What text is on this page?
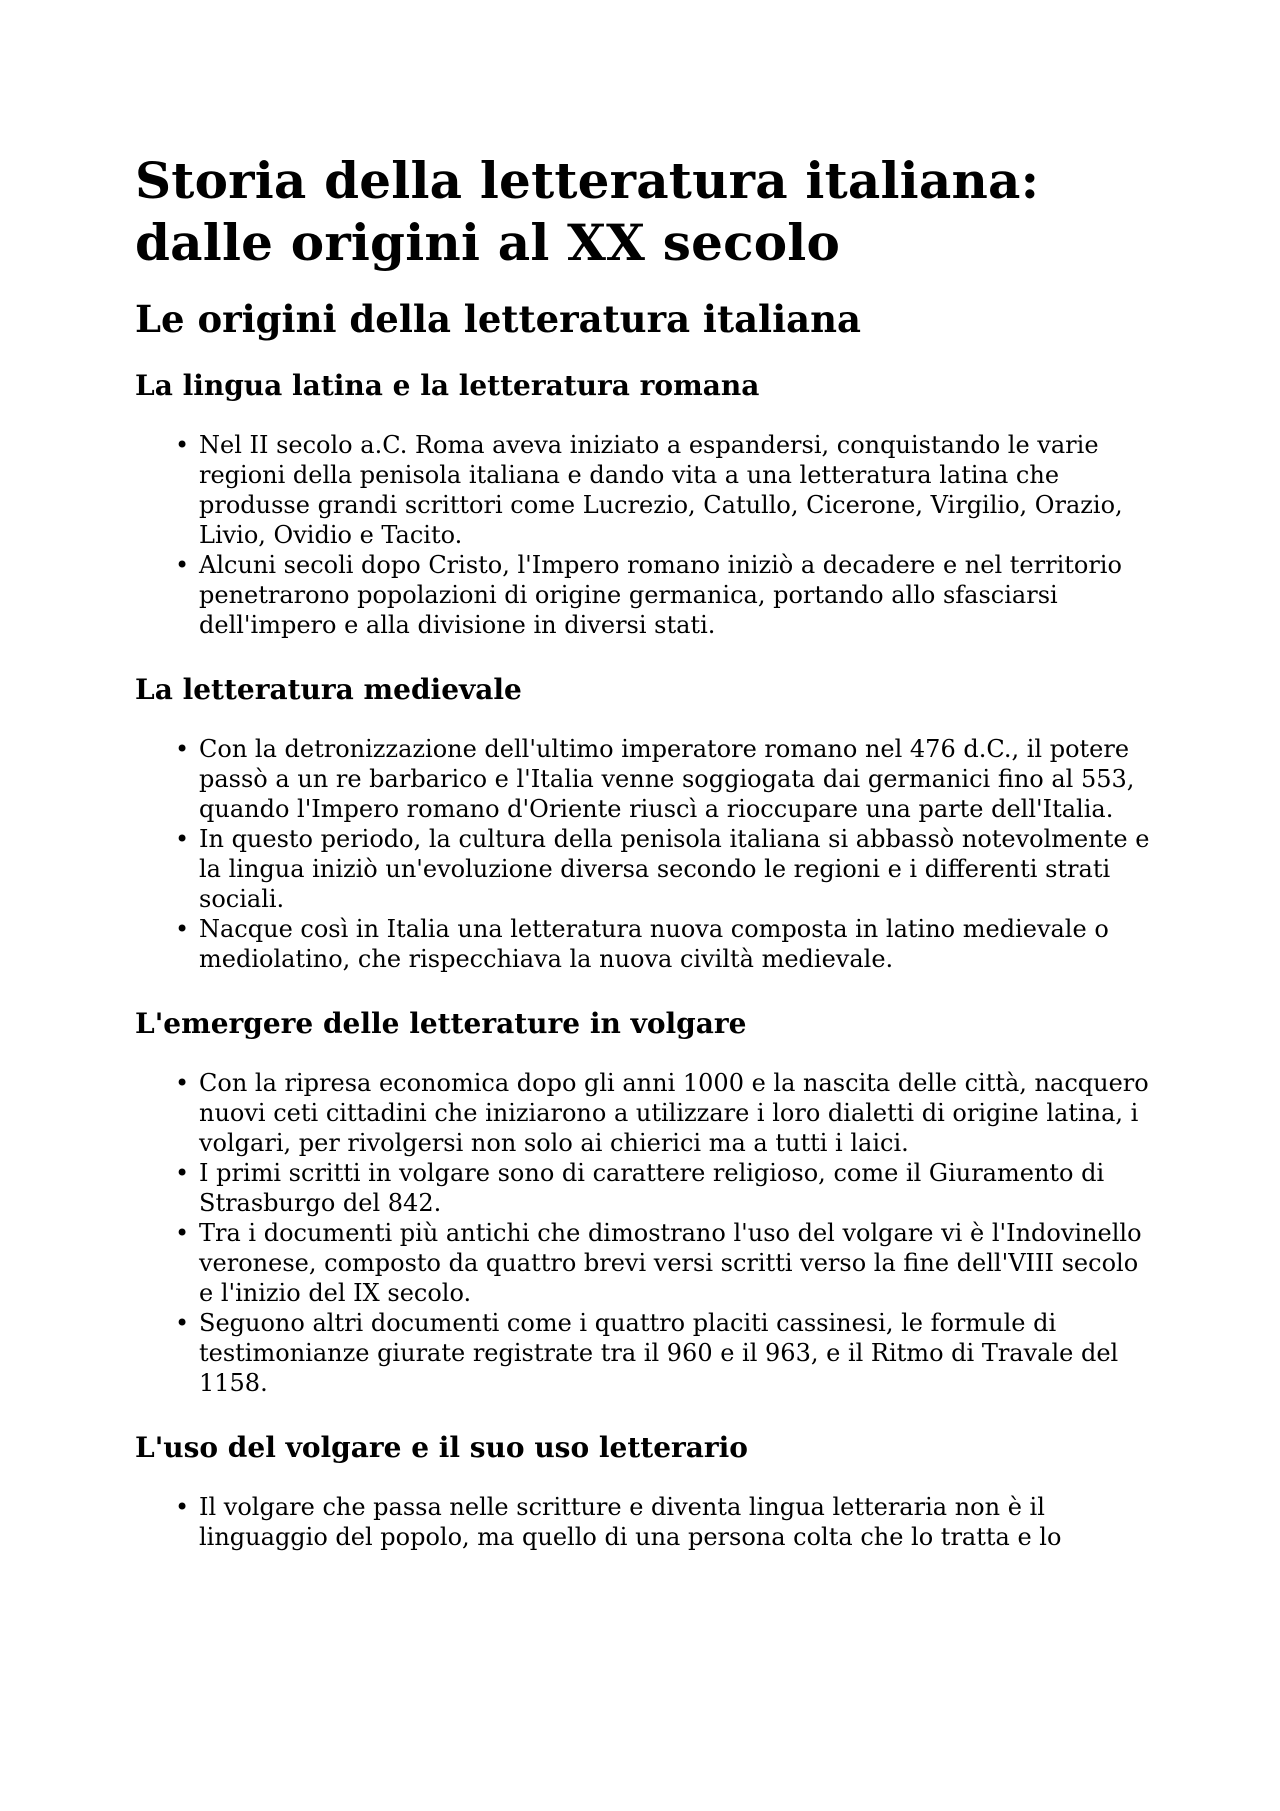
Storia della letteratura italiana: dalle origini al XX secolo
Le origini della letteratura italiana
La lingua latina e la letteratura romana
• Nel II secolo a.C. Roma aveva iniziato a espandersi, conquistando le varie regioni della penisola italiana e dando vita a una letteratura latina che produsse grandi scrittori come Lucrezio, Catullo, Cicerone, Virgilio, Orazio, Livio, Ovidio e Tacito.
• Alcuni secoli dopo Cristo, l'Impero romano iniziò a decadere e nel territorio penetrarono popolazioni di origine germanica, portando allo sfasciarsi dell'impero e alla divisione in diversi stati.
La letteratura medievale
• Con la detronizzazione dell'ultimo imperatore romano nel 476 d.C., il potere passò a un re barbarico e l'Italia venne soggiogata dai germanici fino al 553, quando l'Impero romano d'Oriente riuscì a rioccupare una parte dell'Italia.
• In questo periodo, la cultura della penisola italiana si abbassò notevolmente e la lingua iniziò un'evoluzione diversa secondo le regioni e i differenti strati sociali.
• Nacque così in Italia una letteratura nuova composta in latino medievale o mediolatino, che rispecchiava la nuova civiltà medievale.
L'emergere delle letterature in volgare
• Con la ripresa economica dopo gli anni 1000 e la nascita delle città, nacquero nuovi ceti cittadini che iniziarono a utilizzare i loro dialetti di origine latina, i volgari, per rivolgersi non solo ai chierici ma a tutti i laici.
• I primi scritti in volgare sono di carattere religioso, come il Giuramento di Strasburgo del 842.
• Tra i documenti più antichi che dimostrano l'uso del volgare vi è l'Indovinello veronese, composto da quattro brevi versi scritti verso la fine dell'VIII secolo e l'inizio del IX secolo.
• Seguono altri documenti come i quattro placiti cassinesi, le formule di testimonianze giurate registrate tra il 960 e il 963, e il Ritmo di Travale del 1158.
L'uso del volgare e il suo uso letterario
• Il volgare che passa nelle scritture e diventa lingua letteraria non è il linguaggio del popolo, ma quello di una persona colta che lo tratta e lo
